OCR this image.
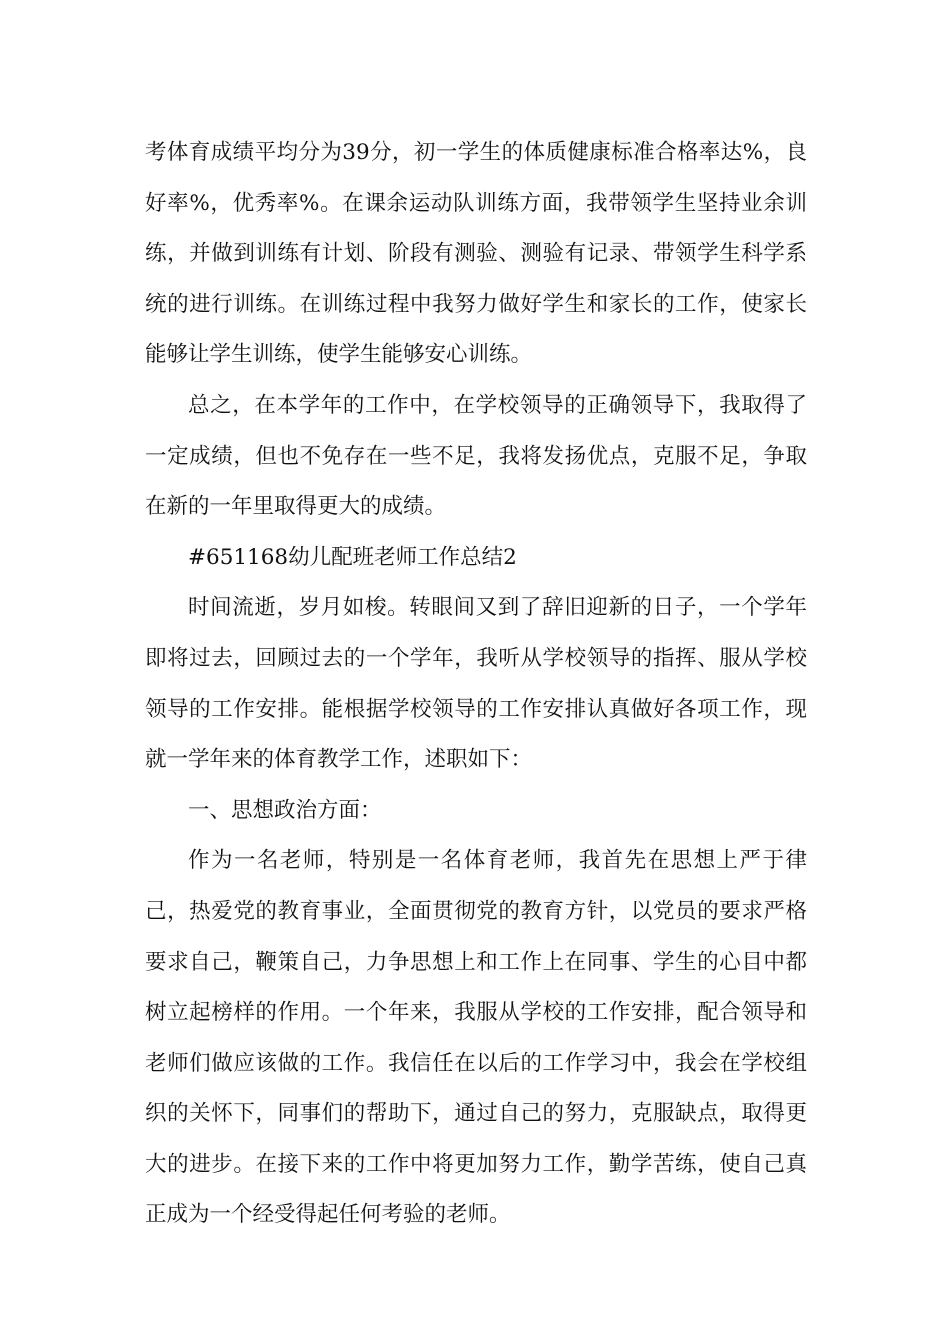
考体育成绩平均分为39分，初一学生的体质健康标准合格率达%，良好率%，优秀率%。在课余运动队训练方面，我带领学生坚持业余训练，并做到训练有计划、阶段有测验、测验有记录、带领学生科学系统的进行训练。在训练过程中我努力做好学生和家长的工作，使家长能够让学生训练，使学生能够安心训练。

总之，在本学年的工作中，在学校领导的正确领导下，我取得了一定成绩，但也不免存在一些不足，我将发扬优点，克服不足，争取在新的一年里取得更大的成绩。

#651168幼儿配班老师工作总结2

时间流逝，岁月如梭。转眼间又到了辞旧迎新的日子，一个学年即将过去，回顾过去的一个学年，我听从学校领导的指挥、服从学校领导的工作安排。能根据学校领导的工作安排认真做好各项工作，现就一学年来的体育教学工作，述职如下：

一、思想政治方面：

作为一名老师，特别是一名体育老师，我首先在思想上严于律己，热爱党的教育事业，全面贯彻党的教育方针，以党员的要求严格要求自己，鞭策自己，力争思想上和工作上在同事、学生的心目中都树立起榜样的作用。一个年来，我服从学校的工作安排，配合领导和老师们做应该做的工作。我信任在以后的工作学习中，我会在学校组织的关怀下，同事们的帮助下，通过自己的努力，克服缺点，取得更大的进步。在接下来的工作中将更加努力工作，勤学苦练，使自己真正成为一个经受得起任何考验的老师。
